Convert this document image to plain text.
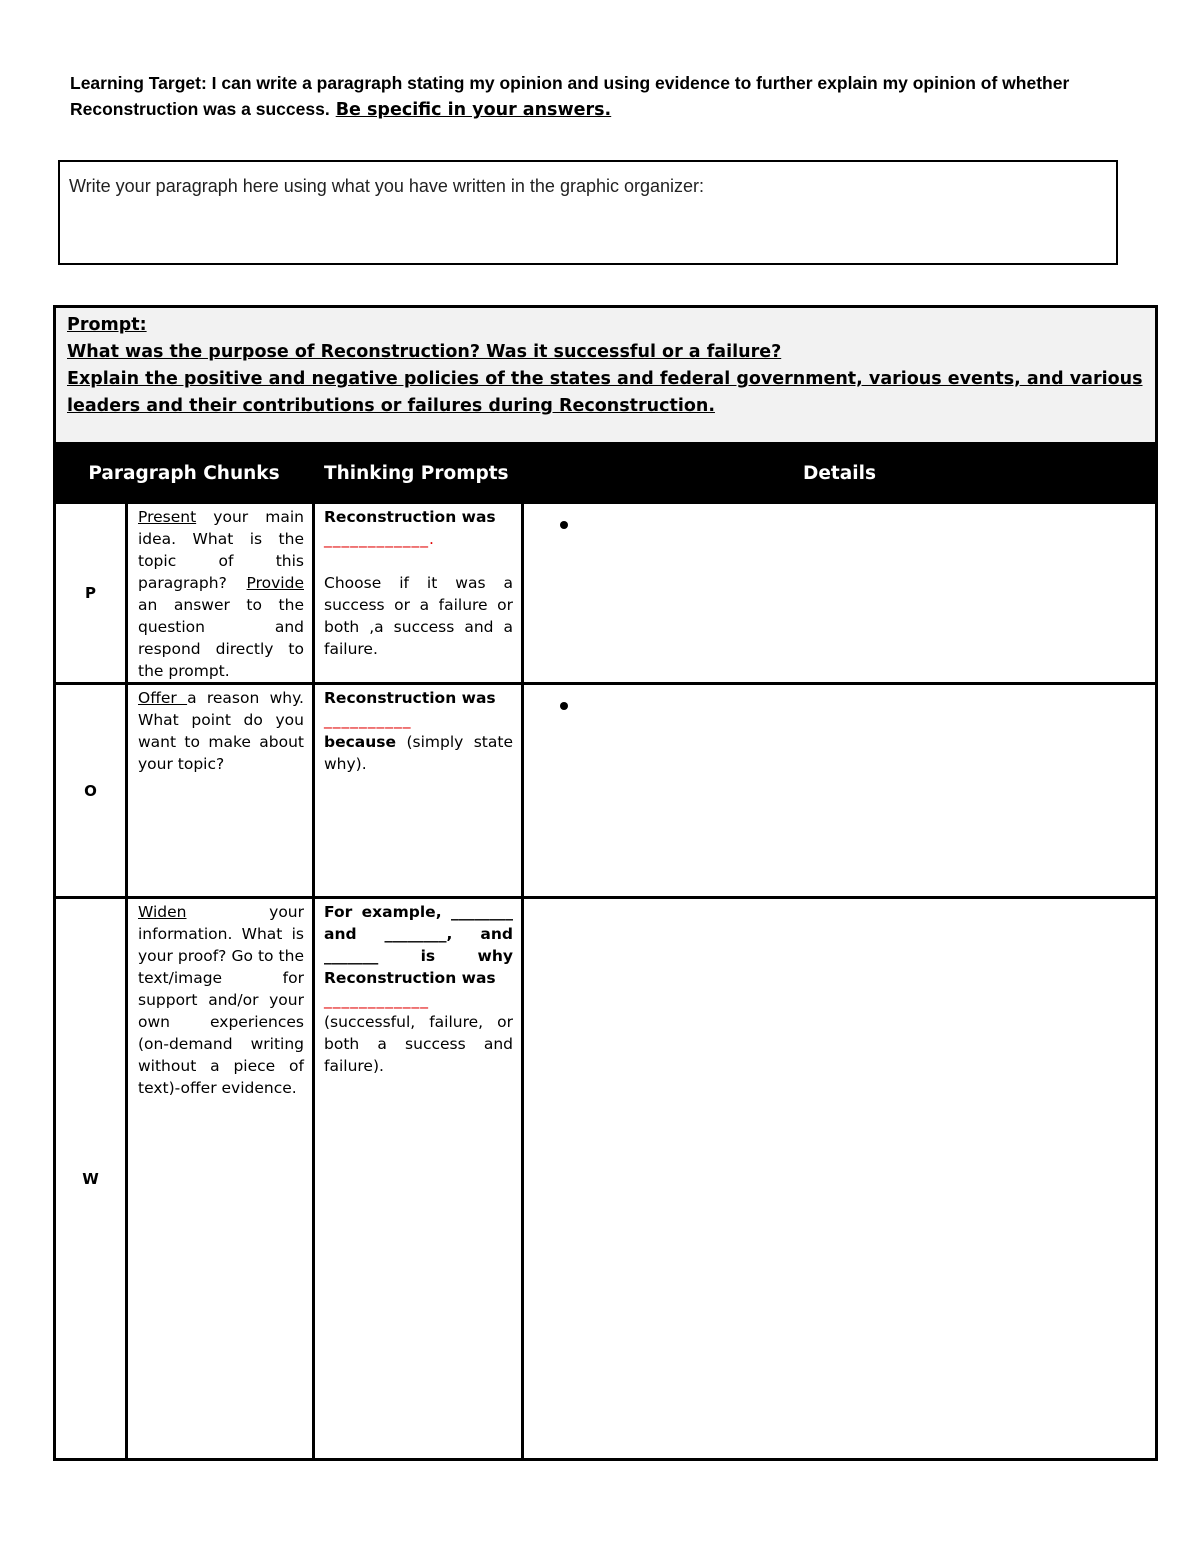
Learning Target: I can write a paragraph stating my opinion and using evidence to further explain my opinion of whether Reconstruction was a success. Be specific in your answers.
Write your paragraph here using what you have written in the graphic organizer:
Prompt:
What was the purpose of Reconstruction? Was it successful or a failure?
Explain the positive and negative policies of the states and federal government, various events, and various leaders and their contributions or failures during Reconstruction.			

Paragraph Chunks		Thinking Prompts	Details
P	Present your main idea. What is the topic of this paragraph? Provide an answer to the question and respond directly to the prompt.	Reconstruction was
____________.

Choose if it was a success or a failure or both ,a success and a failure.	
O	Offer a reason why. What point do you want to make about your topic?	Reconstruction was
__________
because (simply state why).	
W	Widen your information. What is your proof? Go to the text/image for support and/or your own experiences (on-demand writing without a piece of text)-offer evidence.	For example, ________ and ________, and _______ is why Reconstruction was
____________
(successful, failure, or both a success and failure).	
